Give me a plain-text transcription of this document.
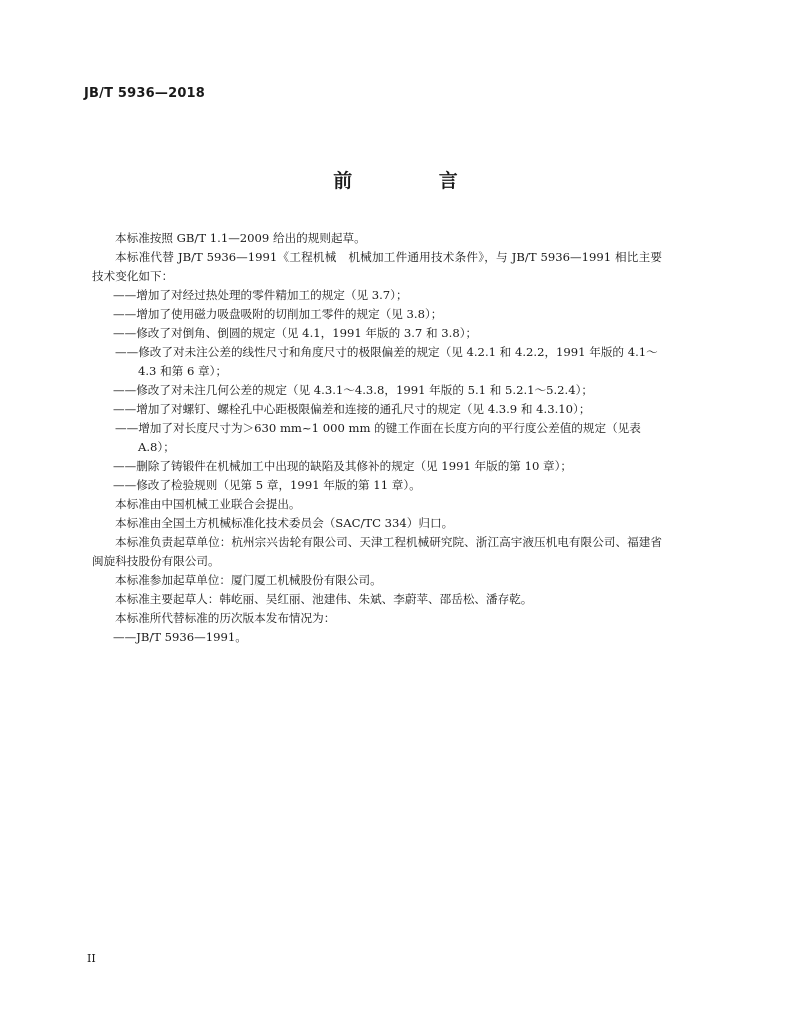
JB/T 5936—2018
前 言

本标准按照 GB/T 1.1—2009 给出的规则起草。

本标准代替 JB/T 5936—1991《工程机械　机械加工件通用技术条件》，与 JB/T 5936—1991 相比主要技术变化如下：

——增加了对经过热处理的零件精加工的规定（见 3.7）；

——增加了使用磁力吸盘吸附的切削加工零件的规定（见 3.8）；

——修改了对倒角、倒圆的规定（见 4.1，1991 年版的 3.7 和 3.8）；

——修改了对未注公差的线性尺寸和角度尺寸的极限偏差的规定（见 4.2.1 和 4.2.2，1991 年版的 4.1～4.3 和第 6 章）；

——修改了对未注几何公差的规定（见 4.3.1～4.3.8，1991 年版的 5.1 和 5.2.1～5.2.4）；

——增加了对螺钉、螺栓孔中心距极限偏差和连接的通孔尺寸的规定（见 4.3.9 和 4.3.10）；

——增加了对长度尺寸为＞630 mm~1 000 mm 的键工作面在长度方向的平行度公差值的规定（见表 A.8）；

——删除了铸锻件在机械加工中出现的缺陷及其修补的规定（见 1991 年版的第 10 章）；

——修改了检验规则（见第 5 章，1991 年版的第 11 章）。

本标准由中国机械工业联合会提出。

本标准由全国土方机械标准化技术委员会（SAC/TC 334）归口。

本标准负责起草单位：杭州宗兴齿轮有限公司、天津工程机械研究院、浙江高宇液压机电有限公司、福建省闽旋科技股份有限公司。

本标准参加起草单位：厦门厦工机械股份有限公司。

本标准主要起草人：韩屹丽、吴红丽、池建伟、朱斌、李蔚苹、邵岳松、潘存乾。

本标准所代替标准的历次版本发布情况为：

——JB/T 5936—1991。

II
